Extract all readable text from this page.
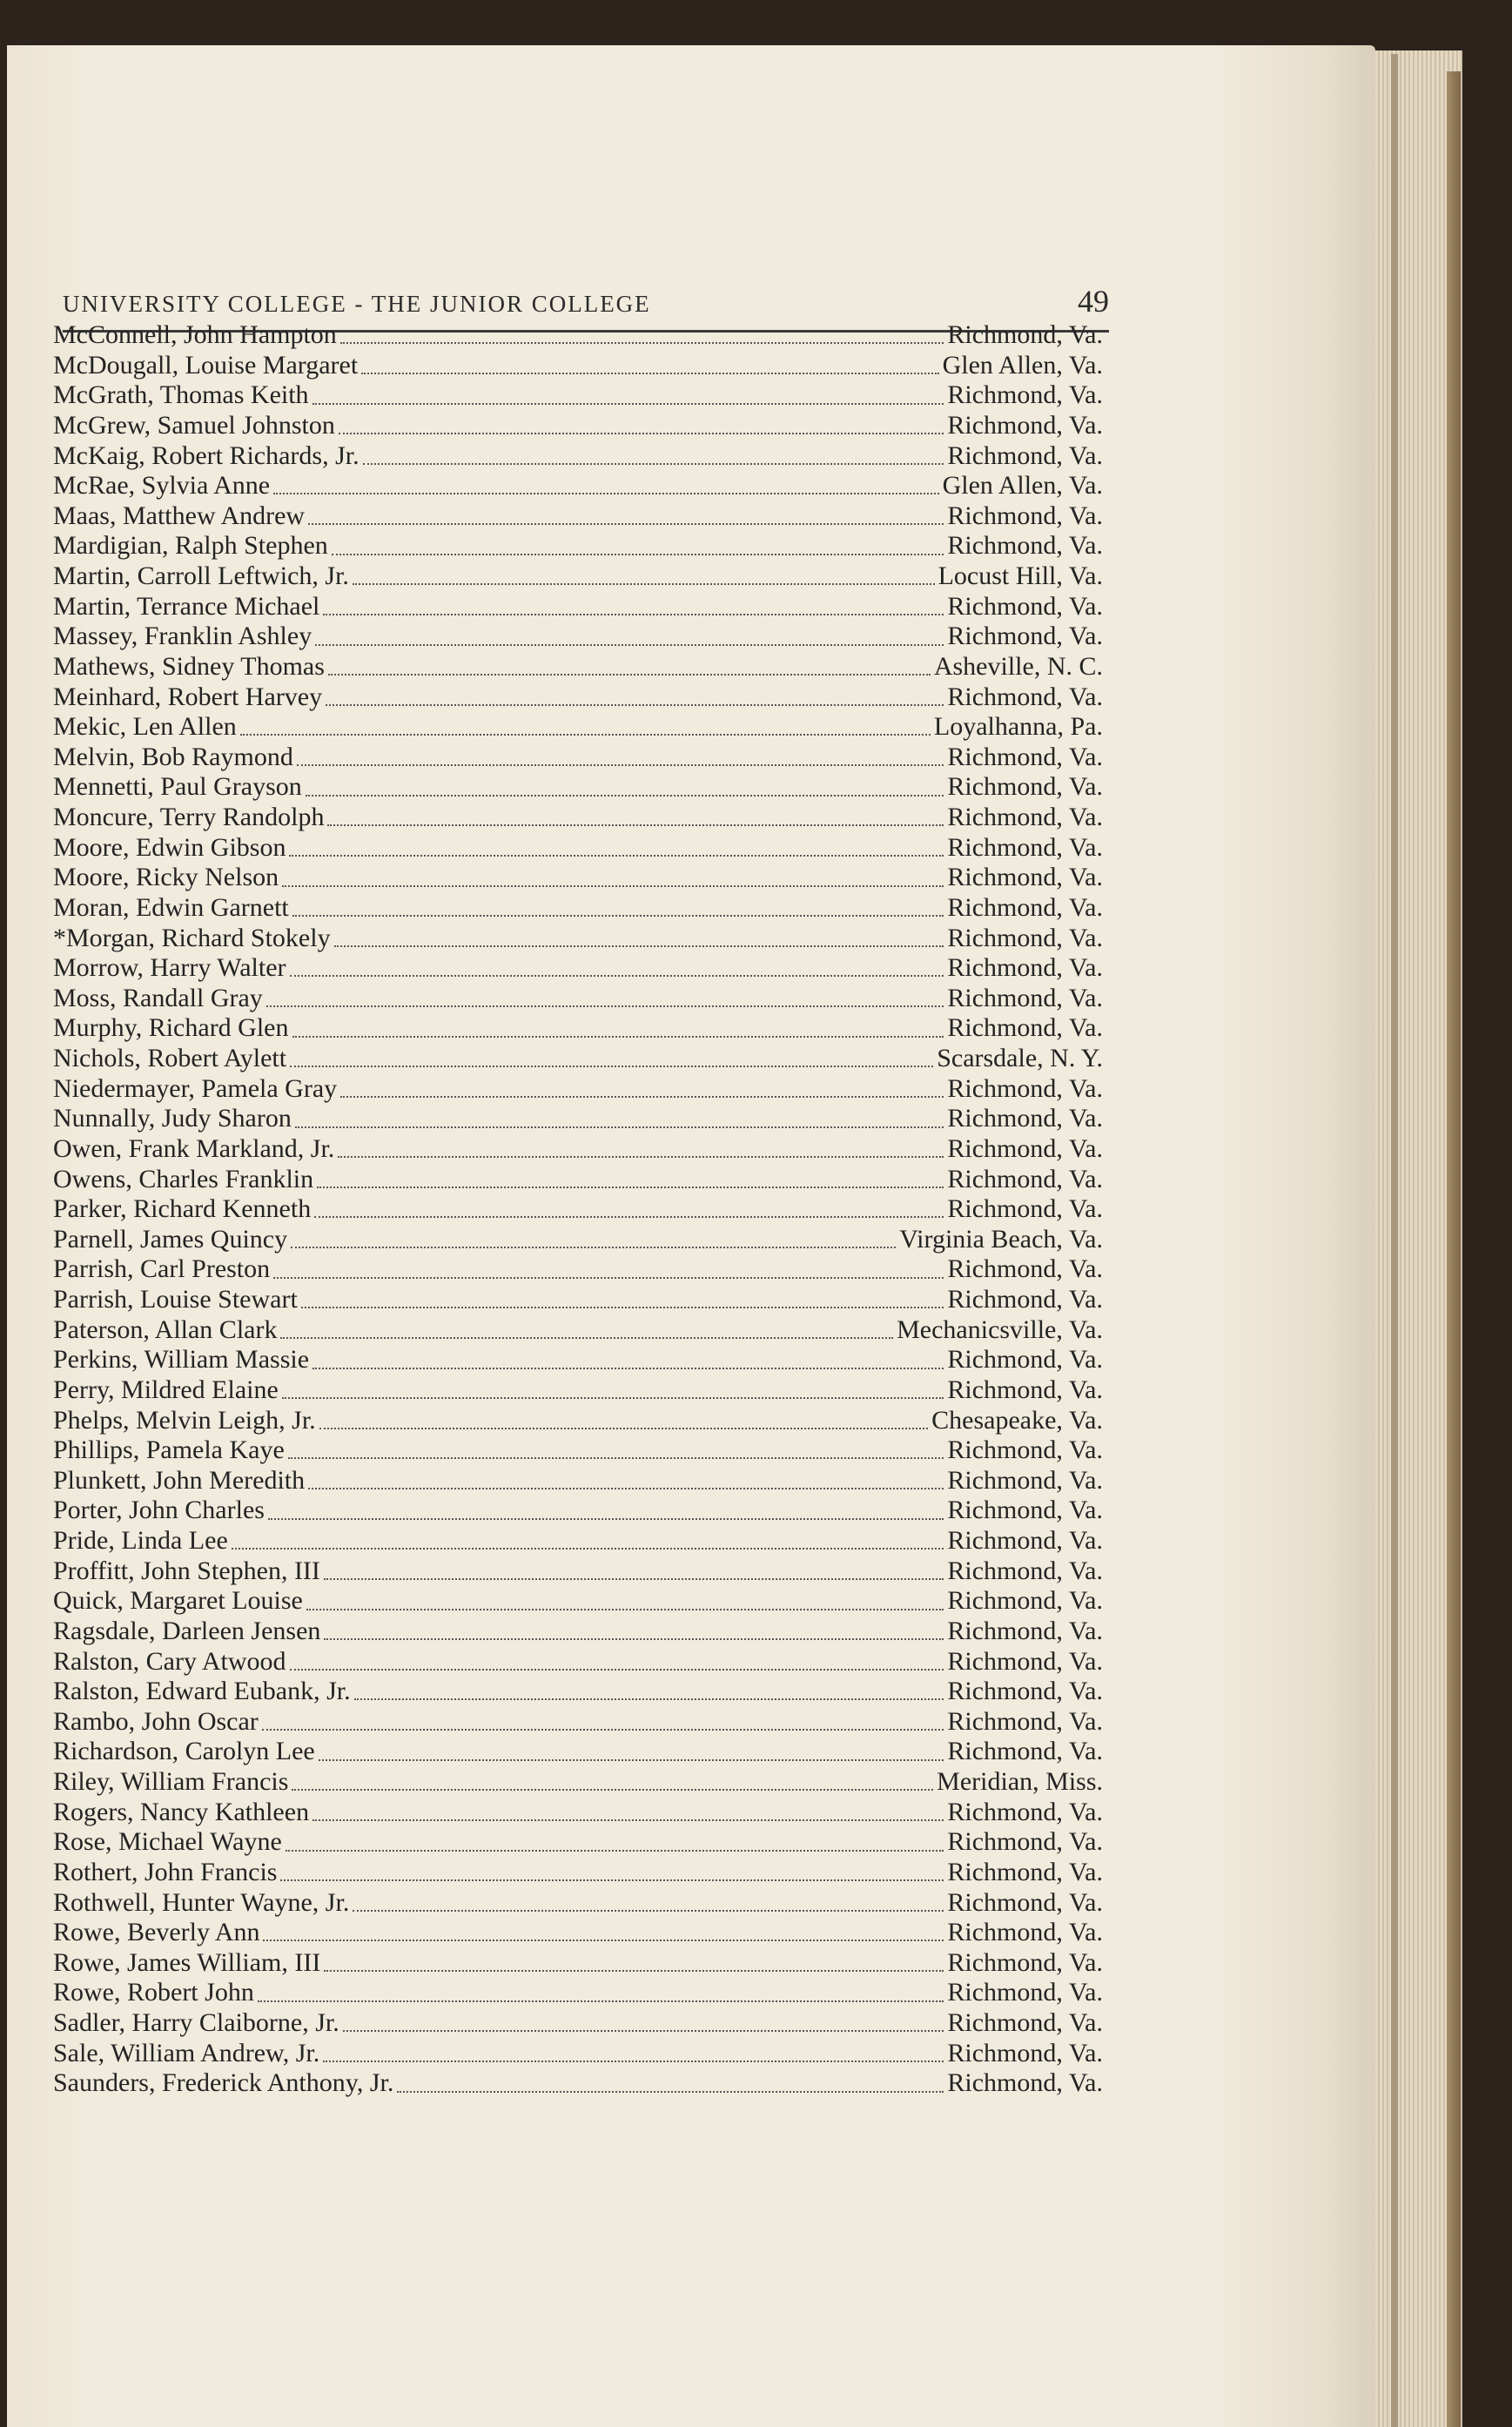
UNIVERSITY COLLEGE - THE JUNIOR COLLEGE	49
McConnell, John Hampton	Richmond, Va.
McDougall, Louise Margaret	Glen Allen, Va.
McGrath, Thomas Keith	Richmond, Va.
McGrew, Samuel Johnston	Richmond, Va.
McKaig, Robert Richards, Jr.	Richmond, Va.
McRae, Sylvia Anne	Glen Allen, Va.
Maas, Matthew Andrew	Richmond, Va.
Mardigian, Ralph Stephen	Richmond, Va.
Martin, Carroll Leftwich, Jr.	Locust Hill, Va.
Martin, Terrance Michael	Richmond, Va.
Massey, Franklin Ashley	Richmond, Va.
Mathews, Sidney Thomas	Asheville, N. C.
Meinhard, Robert Harvey	Richmond, Va.
Mekic, Len Allen	Loyalhanna, Pa.
Melvin, Bob Raymond	Richmond, Va.
Mennetti, Paul Grayson	Richmond, Va.
Moncure, Terry Randolph	Richmond, Va.
Moore, Edwin Gibson	Richmond, Va.
Moore, Ricky Nelson	Richmond, Va.
Moran, Edwin Garnett	Richmond, Va.
*Morgan, Richard Stokely	Richmond, Va.
Morrow, Harry Walter	Richmond, Va.
Moss, Randall Gray	Richmond, Va.
Murphy, Richard Glen	Richmond, Va.
Nichols, Robert Aylett	Scarsdale, N. Y.
Niedermayer, Pamela Gray	Richmond, Va.
Nunnally, Judy Sharon	Richmond, Va.
Owen, Frank Markland, Jr.	Richmond, Va.
Owens, Charles Franklin	Richmond, Va.
Parker, Richard Kenneth	Richmond, Va.
Parnell, James Quincy	Virginia Beach, Va.
Parrish, Carl Preston	Richmond, Va.
Parrish, Louise Stewart	Richmond, Va.
Paterson, Allan Clark	Mechanicsville, Va.
Perkins, William Massie	Richmond, Va.
Perry, Mildred Elaine	Richmond, Va.
Phelps, Melvin Leigh, Jr.	Chesapeake, Va.
Phillips, Pamela Kaye	Richmond, Va.
Plunkett, John Meredith	Richmond, Va.
Porter, John Charles	Richmond, Va.
Pride, Linda Lee	Richmond, Va.
Proffitt, John Stephen, III	Richmond, Va.
Quick, Margaret Louise	Richmond, Va.
Ragsdale, Darleen Jensen	Richmond, Va.
Ralston, Cary Atwood	Richmond, Va.
Ralston, Edward Eubank, Jr.	Richmond, Va.
Rambo, John Oscar	Richmond, Va.
Richardson, Carolyn Lee	Richmond, Va.
Riley, William Francis	Meridian, Miss.
Rogers, Nancy Kathleen	Richmond, Va.
Rose, Michael Wayne	Richmond, Va.
Rothert, John Francis	Richmond, Va.
Rothwell, Hunter Wayne, Jr.	Richmond, Va.
Rowe, Beverly Ann	Richmond, Va.
Rowe, James William, III	Richmond, Va.
Rowe, Robert John	Richmond, Va.
Sadler, Harry Claiborne, Jr.	Richmond, Va.
Sale, William Andrew, Jr.	Richmond, Va.
Saunders, Frederick Anthony, Jr.	Richmond, Va.
